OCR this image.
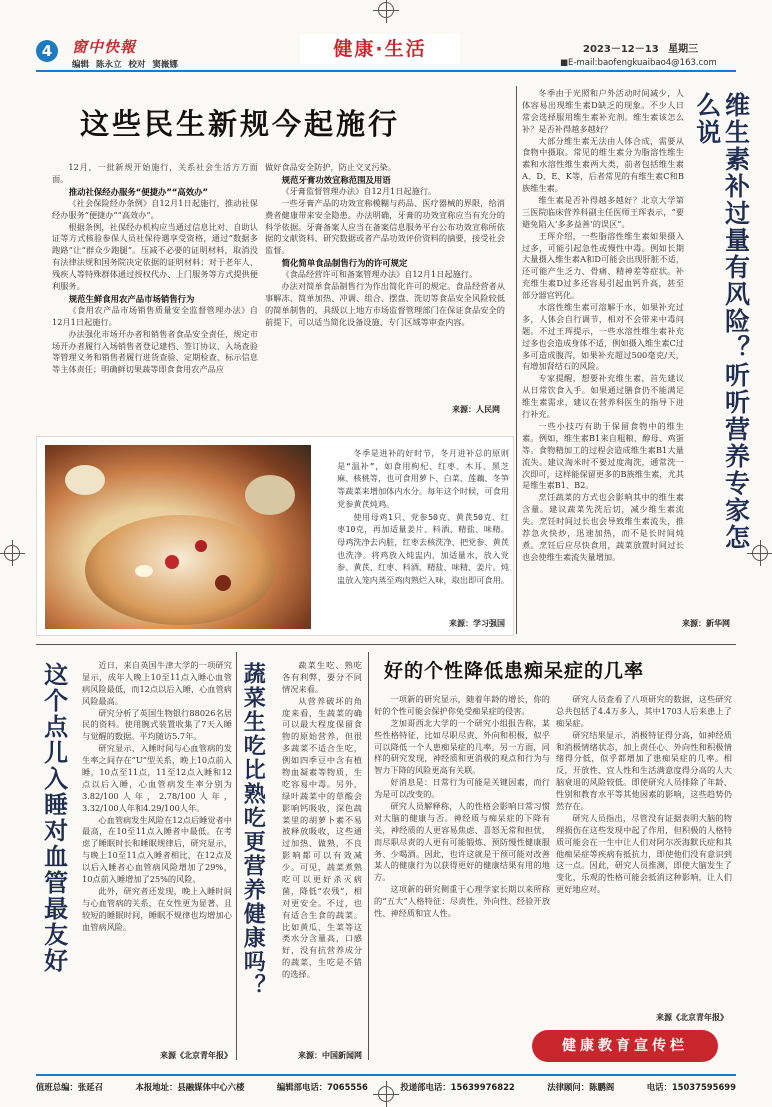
4	窗中快報
编辑 陈永立 校对 窦嶶娜
健康·生活	2023－12－13 星期三
■E-mail:baofengkuaibao4@163.com
这些民生新规今起施行

12月，一批新规开始施行，关系社会生活方方面面。

推动社保经办服务“便捷办”“高效办”

《社会保险经办条例》自12月1日起施行，推动社保经办服务“便捷办”“高效办”。

根据条例，社保经办机构应当通过信息比对、自助认证等方式核验参保人员社保待遇享受资格，通过“数据多跑路”让“群众少跑腿”。压减不必要的证明材料，取消没有法律法规和国务院决定依据的证明材料；对于老年人、残疾人等特殊群体通过授权代办、上门服务等方式提供便利服务。

规范生鲜食用农产品市场销售行为

《食用农产品市场销售质量安全监督管理办法》自12月1日起施行。

办法强化市场开办者和销售者食品安全责任，规定市场开办者履行入场销售者登记建档、签订协议、入场查验等管理义务和销售者履行进货查验、定期检查、标示信息等主体责任；明确鲜切果蔬等即食食用农产品应

做好食品安全防护，防止交叉污染。

规范牙膏功效宣称范围及用语

《牙膏监督管理办法》自12月1日起施行。

一些牙膏产品的功效宣称模糊与药品、医疗器械的界限，给消费者健康带来安全隐患。办法明确，牙膏的功效宣称应当有充分的科学依据。牙膏备案人应当在备案信息服务平台公布功效宣称所依据的文献资料、研究数据或者产品功效评价资料的摘要，接受社会监督。

简化简单食品制售行为的许可规定

《食品经营许可和备案管理办法》自12月1日起施行。

办法对简单食品制售行为作出简化许可的规定。食品经营者从事解冻、简单加热、冲调、组合、摆盘、洗切等食品安全风险较低的简单制售的，具级以上地方市场监督管理部门在保证食品安全的前提下，可以适当简化设备设施、专门区域等审查内容。

来源：人民网

冬季是进补的好时节，冬月进补总的原则是“温补”，如食用枸杞、红枣、木耳、黑芝麻、核桃等，也可食用萝卜、白菜、莲藕、冬笋等蔬菜来增加体内水分。每年这个时候，可食用党参黄芪炖鸡。

使用母鸡1只、党参50克、黄芪50克、红枣10克，再加适量姜片、料酒、精盐、味精。母鸡洗净去内脏，红枣去核洗净、把党参、黄芪也洗净。将鸡放入炖盅内，加适量水，放入党参、黄芪、红枣、料酒、精盐、味精、姜片。炖盅放入笼内蒸至鸡肉熟烂入味，取出即可食用。

来源：学习强国

冬季由于光照和户外活动时间减少，人体容易出现维生素D缺乏的现象。不少人日常会选择服用维生素补充剂。维生素该怎么补？是否补得越多越好？

大部分维生素无法由人体合成，需要从食物中摄取。常见的维生素分为脂溶性维生素和水溶性维生素两大类，前者包括维生素A、D、E、K等，后者常见的有维生素C和B族维生素。

维生素是否补得越多越好？北京大学第三医院临床营养科副主任医师王珲表示，“要避免陷入‘多多益善’的误区”。

王珲介绍，一些脂溶性维生素如果摄入过多，可能引起急性或慢性中毒。例如长期大量摄入维生素A和D可能会出现肝脏不适，还可能产生乏力、骨痛、精神差等症状。补充维生素D过多还容易引起血钙升高，甚至部分器官钙化。

水溶性维生素可溶解于水，如果补充过多，人体会自行调节，相对不会带来中毒问题。不过王珲提示，一些水溶性维生素补充过多也会造成身体不适，例如摄入维生素C过多可造成腹泻，如果补充超过500毫克/天，有增加肾结石的风险。

专家提醒，想要补充维生素，首先建议从日常饮食入手。如果通过膳食仍不能满足维生素需求，建议在营养科医生的指导下进行补充。

一些小技巧有助于保留食物中的维生素。例如，维生素B1来自粗粮、醇母、鸡蛋等。食物精加工的过程会造成维生素B1大量流失。建议淘米时不要过度淘洗，通常洗一次即可，这样能保留更多的B族维生素，尤其是维生素B1、B2。

烹饪蔬菜的方式也会影响其中的维生素含量。建议蔬菜先洗后切，减少维生素流失。烹饪时间过长也会导致维生素流失，推荐急火快炒，迅速加热，而不是长时间炖煮。烹饪后应尽快食用，蔬菜放置时间过长也会使维生素流失量增加。

维生素补过量有风险？听听营养专家怎么说
来源：新华网
这个点儿入睡对血管最友好	近日，来自英国牛津大学的一项研究显示，成年人晚上10至11点入睡心血管病风险最低，而12点以后入睡，心血管病风险最高。

研究分析了英国生物银行88026名居民的资料。使用腕式装置收集了7天入睡与觉醒的数据。平均随访5.7年。

研究显示，入睡时间与心血管病的发生率之间存在“U”型关系，晚上10点前入睡，10点至11点，11至12点入睡和12点以后入睡，心血管病发生率分别为3.82/100人年，2.78/100人年，3.32/100人年和4.29/100人年。

心血管病发生风险在12点后睡觉者中最高，在10至11点入睡者中最低。在考虑了睡眠时长和睡眠规律后，研究显示，与晚上10至11点入睡者相比，在12点及以后入睡者心血管病风险增加了29%，10点前入睡增加了25%的风险。

此外，研究者还发现，晚上入睡时间与心血管病的关系，在女性更为显著。且较短的睡眠时间，睡眠不规律也均增加心血管病风险。

来源《北京青年报》
蔬菜生吃比熟吃更营养健康吗？	蔬菜生吃、熟吃各有利弊，要分不同情况来看。

从营养破坏的角度来看，生蔬菜的确可以最大程度保留食物的原始营养，但很多蔬菜不适合生吃，例如四季豆中含有植物血凝素等物质，生吃容易中毒。另外，绿叶蔬菜中的草酸会影响钙吸收，深色蔬菜里的胡萝卜素不易被释放吸收，这些通过加热、做熟，不良影响都可以有效减少。可见，蔬菜煮熟吃可以更好杀灭病菌，降低“农残”，相对更安全。不过，也有适合生食的蔬菜。比如黄瓜、生菜等这类水分含量高，口感好，没有抗营养成分的蔬菜，生吃是不错的选择。

来源：中国新闻网
好的个性降低患痴呆症的几率

一项新的研究显示，随着年龄的增长，你的好的个性可能会保护你免受痴呆症的侵害。

芝加哥西北大学的一个研究小组报告称，某些性格特征，比如尽职尽责、外向和积极，似乎可以降低一个人患痴呆症的几率。另一方面，同样的研究发现，神经质和更消极的观点和行为与智力下降的风险更高有关联。

好消息是：日常行为可能是关键因素，而行为是可以改变的。

研究人员解释称，人的性格会影响日常习惯对大脑的健康与否。神经质与痴呆症的下降有关，神经质的人更容易焦虑、喜怒无常和担忧，而尽职尽责的人更有可能锻炼、预防慢性健康服务、少喝酒。因此，也许这就是干预可能对改善某人的健康行为以获得更好的健康结果有用的地方。

这项新的研究侧重于心理学家长期以来所称的“五大”人格特征：尽责性、外向性、经验开放性、神经质和宜人性。

研究人员查看了八项研究的数据，这些研究总共包括了4.4万多人，其中1703人后来患上了痴呆症。

研究结果显示，消极特征得分高，如神经质和消极情绪状态，加上责任心、外向性和积极情绪得分低，似乎都增加了患痴呆症的几率。相反，开放性、宜人性和生活满意度得分高的人大脑衰退的风险较低。即使研究人员排除了年龄、性别和教育水平等其他因素的影响，这些趋势仍然存在。

研究人员指出，尽管没有证据表明大脑的物理损伤在这些发现中起了作用，但积极的人格特质可能会在一生中让人们对阿尔茨海默氏症和其他痴呆症等疾病有抵抗力，即使他们没有意识到这一点。因此，研究人员推测，即使大脑发生了变化，乐观的性格可能会抵消这种影响，让人们更好地应对。

来源《北京青年报》
健康教育宣传栏
值班总编：张延召	本报地址：县融媒体中心六楼	编辑部电话：7065556	投递部电话：15639976822	法律顾问：陈鹏阁	电话：15037595699
